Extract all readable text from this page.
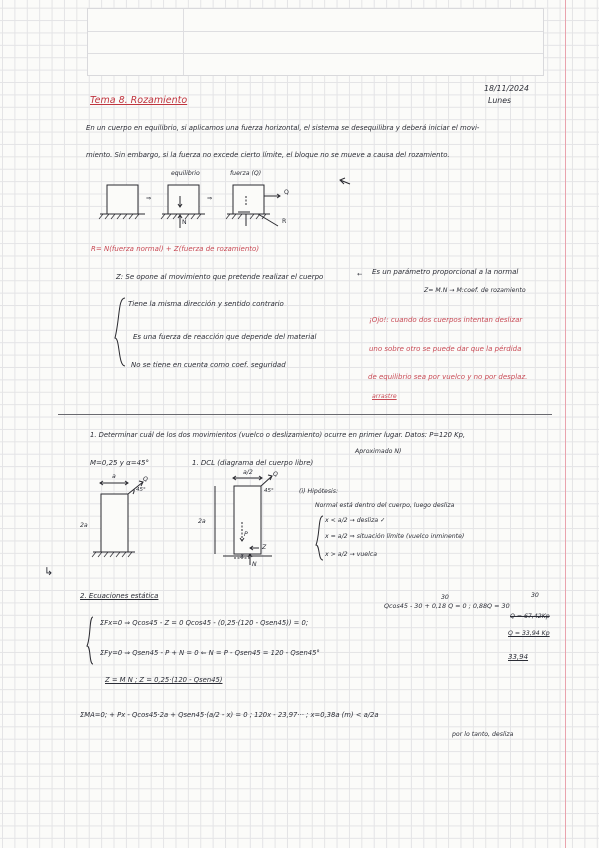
18/11/2024
Lunes
Tema 8. Rozamiento
En un cuerpo en equilibrio, si aplicamos una fuerza horizontal, el sistema se desequilibra y deberá iniciar el movi-
miento. Sin embargo, si la fuerza no excede cierto límite, el bloque no se mueve a causa del rozamiento.
equilibrio	fuerza (Q)
⇒	⇒
N
Q
R
R= N(fuerza normal) + Z(fuerza de rozamiento)
Z: Se opone al movimiento que pretende realizar el cuerpo	← Es un parámetro proporcional a la normal
Z= M.N → M:coef. de rozamiento
Tiene la misma dirección y sentido contrario
Es una fuerza de reacción que depende del material
No se tiene en cuenta como coef. seguridad
¡Ojo!: cuando dos cuerpos intentan deslizar
uno sobre otro se puede dar que la pérdida
de equilibrio sea por vuelco y no por desplaz.
arrastre
1. Determinar cuál de los dos movimientos (vuelco o deslizamiento) ocurre en primer lugar. Datos: P=120 Kp,
Aproximado N)
M=0,25 y α=45°	1. DCL (diagrama del cuerpo libre)
a
2a
45°
Q
a/2
2a
45°
Q
P
N
Z
X
(i) Hipótesis:
Normal está dentro del cuerpo, luego desliza
x < a/2 → desliza ✓
x = a/2 ⇒ situación límite (vuelco inminente)
x > a/2 → vuelca
↳
2. Ecuaciones estática	30	30
Qcos45 - 30 + 0,18 Q = 0 ; 0,88Q = 30
ΣFx=0 ⇒ Qcos45 - Z = 0 Qcos45 - (0,25·(120 - Qsen45)) = 0;
ΣFy=0 ⇒ Qsen45 - P + N = 0 ⇐ N = P - Qsen45 = 120 - Qsen45°
Z = M N ; Z = 0,25·(120 - Qsen45)
Q = 67,42Kp
Q = 33,94 Kp
33,94
ΣMA=0; + Px - Qcos45·2a + Qsen45·(a/2 - x) = 0 ; 120x - 23,97··· ; x=0,38a (m) < a/2a
por lo tanto, desliza
